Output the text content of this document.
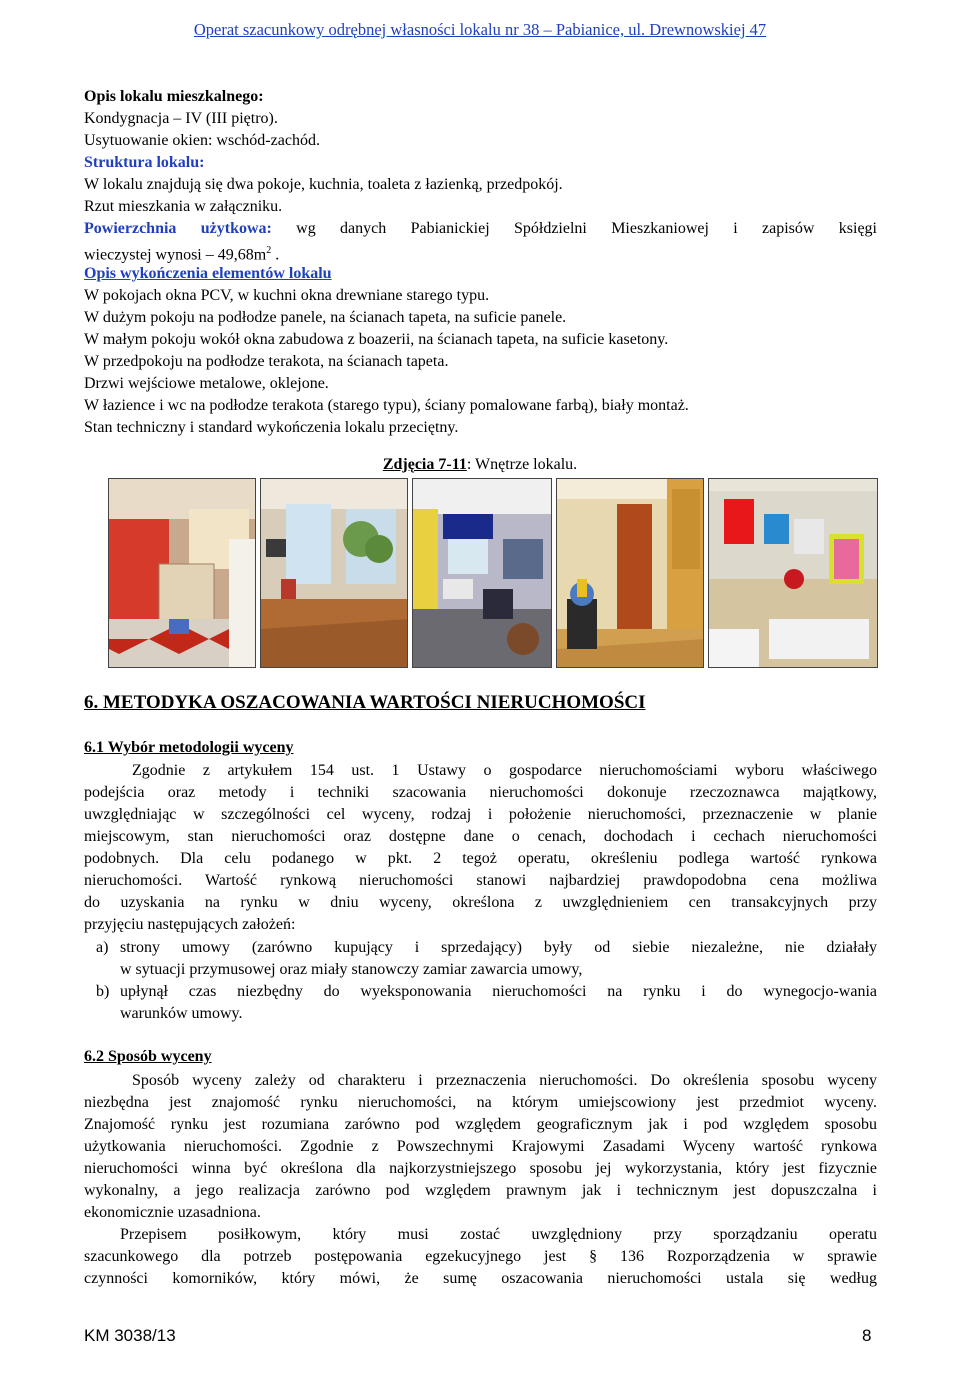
Operat szacunkowy odrębnej własności lokalu nr 38 – Pabianice, ul. Drewnowskiej 47
Opis lokalu mieszkalnego:
Kondygnacja – IV (III piętro).
Usytuowanie okien: wschód-zachód.
Struktura lokalu:
W lokalu znajdują się dwa pokoje, kuchnia, toaleta z łazienką, przedpokój.
Rzut mieszkania w załączniku.
Powierzchnia użytkowa: wg danych Pabianickiej Spółdzielni Mieszkaniowej i zapisów księgi
wieczystej wynosi – $49,68m^2$ .
Opis wykończenia elementów lokalu
W pokojach okna PCV, w kuchni okna drewniane starego typu.
W dużym pokoju na podłodze panele, na ścianach tapeta, na suficie panele.
W małym pokoju wokół okna zabudowa z boazerii, na ścianach tapeta, na suficie kasetony.
W przedpokoju na podłodze terakota, na ścianach tapeta.
Drzwi wejściowe metalowe, oklejone.
W łazience i wc na podłodze terakota (starego typu), ściany pomalowane farbą), biały montaż.
Stan techniczny i standard wykończenia lokalu przeciętny.
Zdjęcia 7-11: Wnętrze lokalu.
6. METODYKA OSZACOWANIA WARTOŚCI NIERUCHOMOŚCI
6.1 Wybór metodologii wyceny
Zgodnie z artykułem 154 ust. 1 Ustawy o gospodarce nieruchomościami wyboru właściwego
podejścia oraz metody i techniki szacowania nieruchomości dokonuje rzeczoznawca majątkowy,
uwzględniając w szczególności cel wyceny, rodzaj i położenie nieruchomości, przeznaczenie w planie
miejscowym, stan nieruchomości oraz dostępne dane o cenach, dochodach i cechach nieruchomości
podobnych. Dla celu podanego w pkt. 2 tegoż operatu, określeniu podlega wartość rynkowa
nieruchomości. Wartość rynkową nieruchomości stanowi najbardziej prawdopodobna cena możliwa
do uzyskania na rynku w dniu wyceny, określona z uwzględnieniem cen transakcyjnych przy
przyjęciu następujących założeń:
a) strony umowy (zarówno kupujący i sprzedający) były od siebie niezależne, nie działały
w sytuacji przymusowej oraz miały stanowczy zamiar zawarcia umowy,
b) upłynął czas niezbędny do wyeksponowania nieruchomości na rynku i do wynegocjo-wania
warunków umowy.
6.2 Sposób wyceny
Sposób wyceny zależy od charakteru i przeznaczenia nieruchomości. Do określenia sposobu wyceny
niezbędna jest znajomość rynku nieruchomości, na którym umiejscowiony jest przedmiot wyceny.
Znajomość rynku jest rozumiana zarówno pod względem geograficznym jak i pod względem sposobu
użytkowania nieruchomości. Zgodnie z Powszechnymi Krajowymi Zasadami Wyceny wartość rynkowa
nieruchomości winna być określona dla najkorzystniejszego sposobu jej wykorzystania, który jest fizycznie
wykonalny, a jego realizacja zarówno pod względem prawnym jak i technicznym jest dopuszczalna i
ekonomicznie uzasadniona.
Przepisem posiłkowym, który musi zostać uwzględniony przy sporządzaniu operatu
szacunkowego dla potrzeb postępowania egzekucyjnego jest § 136 Rozporządzenia w sprawie
czynności komorników, który mówi, że sumę oszacowania nieruchomości ustala się według
KM 3038/13	8
